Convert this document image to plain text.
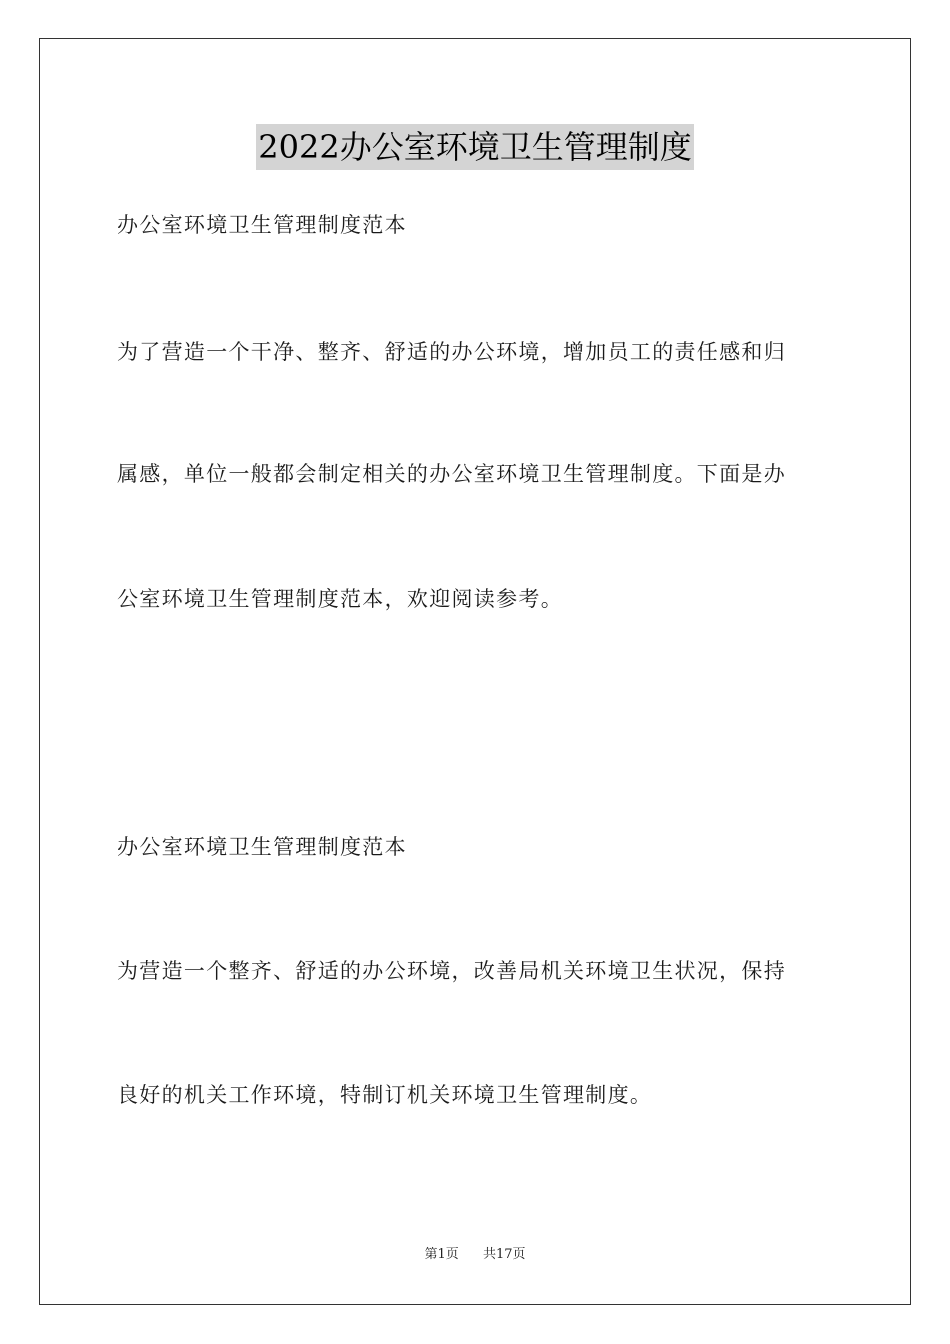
2022办公室环境卫生管理制度
办公室环境卫生管理制度范本
为了营造一个干净、整齐、舒适的办公环境，增加员工的责任感和归
属感，单位一般都会制定相关的办公室环境卫生管理制度。下面是办
公室环境卫生管理制度范本，欢迎阅读参考。
办公室环境卫生管理制度范本
为营造一个整齐、舒适的办公环境，改善局机关环境卫生状况，保持
良好的机关工作环境，特制订机关环境卫生管理制度。
第1页 共17页
